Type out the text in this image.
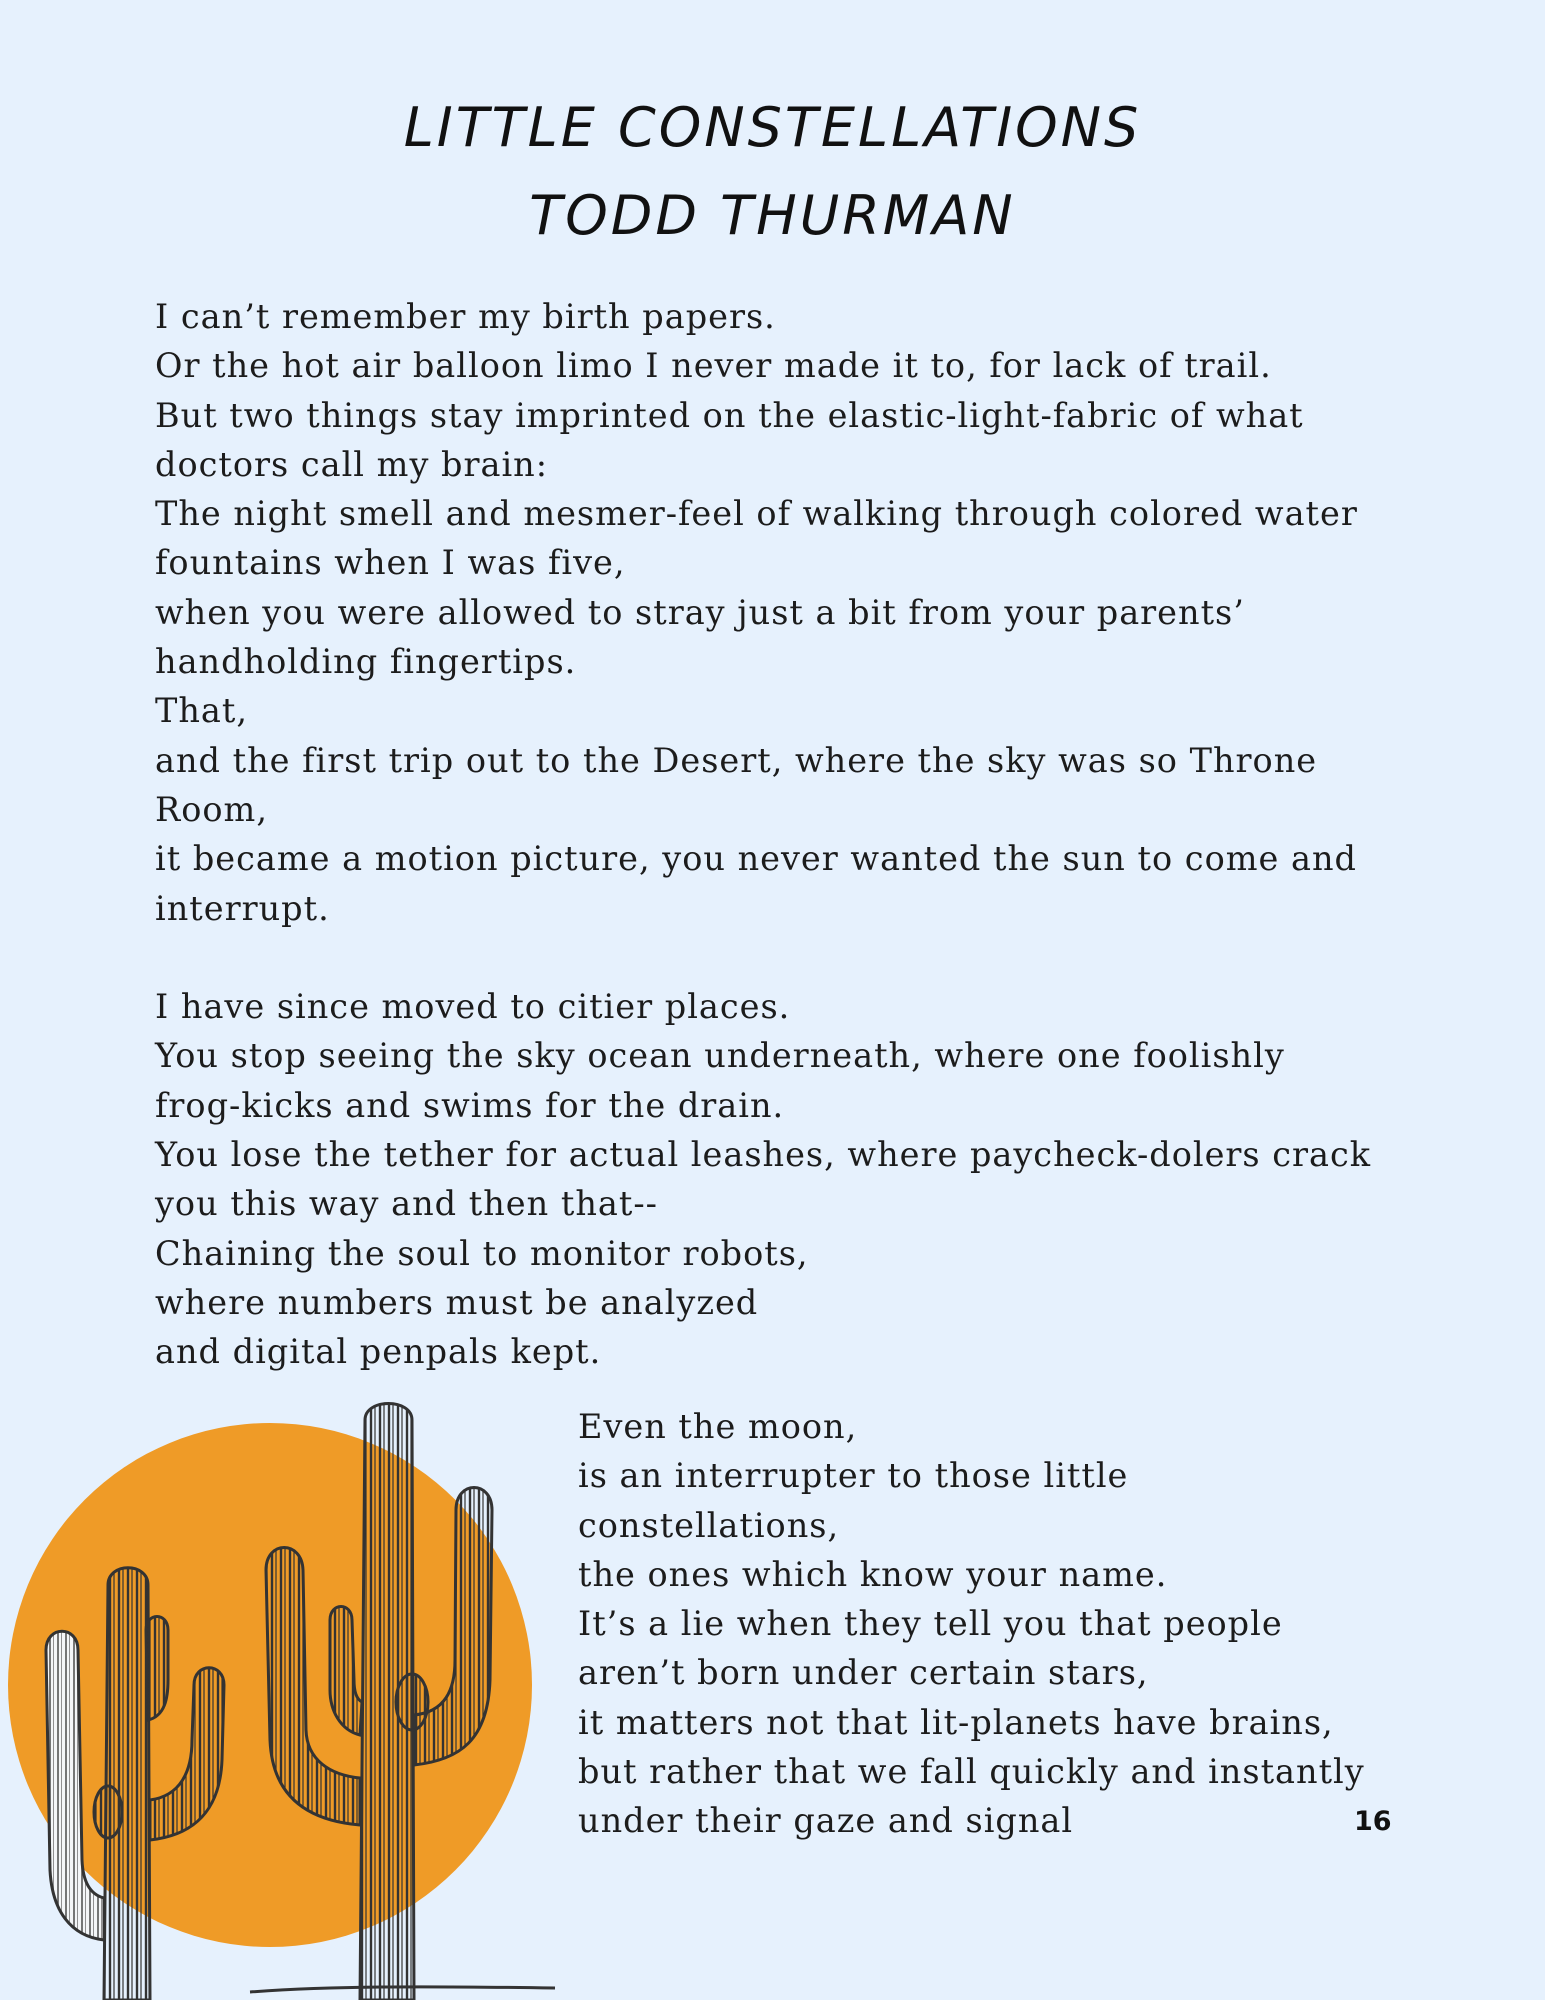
LITTLE CONSTELLATIONS
TODD THURMAN
I can’t remember my birth papers.
Or the hot air balloon limo I never made it to, for lack of trail.
But two things stay imprinted on the elastic-light-fabric of what
doctors call my brain:
The night smell and mesmer-feel of walking through colored water
fountains when I was five,
when you were allowed to stray just a bit from your parents’
handholding fingertips.
That,
and the first trip out to the Desert, where the sky was so Throne
Room,
it became a motion picture, you never wanted the sun to come and
interrupt.
I have since moved to citier places.
You stop seeing the sky ocean underneath, where one foolishly
frog-kicks and swims for the drain.
You lose the tether for actual leashes, where paycheck-dolers crack
you this way and then that--
Chaining the soul to monitor robots,
where numbers must be analyzed
and digital penpals kept.
Even the moon,
is an interrupter to those little
constellations,
the ones which know your name.
It’s a lie when they tell you that people
aren’t born under certain stars,
it matters not that lit-planets have brains,
but rather that we fall quickly and instantly
under their gaze and signal	16
